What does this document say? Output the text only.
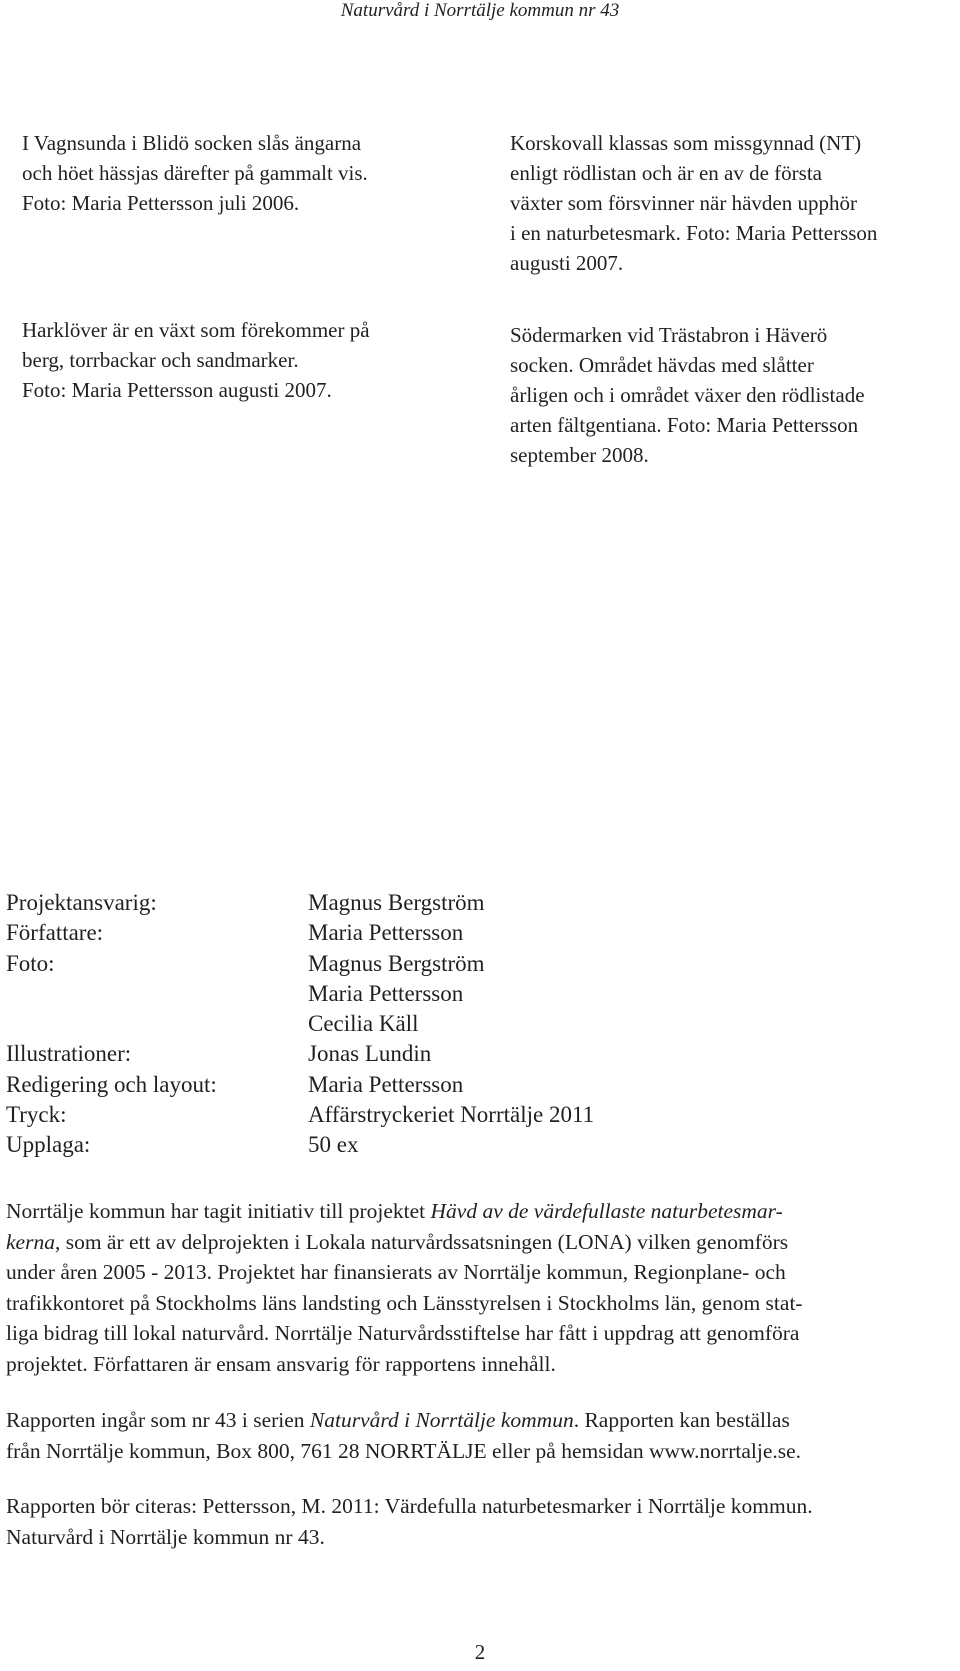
Naturvård i Norrtälje kommun nr 43
I Vagnsunda i Blidö socken slås ängarna
och höet hässjas därefter på gammalt vis.
Foto: Maria Pettersson juli 2006.
Korskovall klassas som missgynnad (NT)
enligt rödlistan och är en av de första
växter som försvinner när hävden upphör
i en naturbetesmark. Foto: Maria Pettersson
augusti 2007.
Harklöver är en växt som förekommer på
berg, torrbackar och sandmarker.
Foto: Maria Pettersson augusti 2007.
Södermarken vid Trästabron i Häverö
socken. Området hävdas med slåtter
årligen och i området växer den rödlistade
arten fältgentiana. Foto: Maria Pettersson
september 2008.
Projektansvarig:	Magnus Bergström
Författare:	Maria Pettersson
Foto:	Magnus Bergström
Maria Pettersson
Cecilia Käll
Illustrationer:	Jonas Lundin
Redigering och layout:	Maria Pettersson
Tryck:	Affärstryckeriet Norrtälje 2011
Upplaga:	50 ex
Norrtälje kommun har tagit initiativ till projektet Hävd av de värdefullaste naturbetesmar-
kerna, som är ett av delprojekten i Lokala naturvårdssatsningen (LONA) vilken genomförs
under åren 2005 - 2013. Projektet har finansierats av Norrtälje kommun, Regionplane- och
trafikkontoret på Stockholms läns landsting och Länsstyrelsen i Stockholms län, genom stat-
liga bidrag till lokal naturvård. Norrtälje Naturvårdsstiftelse har fått i uppdrag att genomföra
projektet. Författaren är ensam ansvarig för rapportens innehåll.
Rapporten ingår som nr 43 i serien Naturvård i Norrtälje kommun. Rapporten kan beställas
från Norrtälje kommun, Box 800, 761 28 NORRTÄLJE eller på hemsidan www.norrtalje.se.
Rapporten bör citeras: Pettersson, M. 2011: Värdefulla naturbetesmarker i Norrtälje kommun.
Naturvård i Norrtälje kommun nr 43.
2
